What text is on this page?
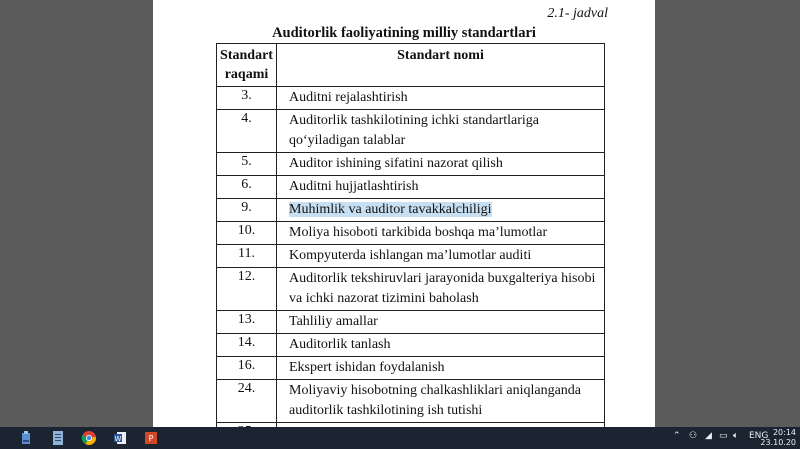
2.1- jadval
Auditorlik faoliyatining milliy standartlari
Standart
raqami	Standart nomi
3.	Auditni rejalashtirish
4.	Auditorlik tashkilotining ichki standartlariga qo‘yiladigan talablar
5.	Auditor ishining sifatini nazorat qilish
6.	Auditni hujjatlashtirish
9.	Muhimlik va auditor tavakkalchiligi
10.	Moliya hisoboti tarkibida boshqa ma’lumotlar
11.	Kompyuterda ishlangan ma’lumotlar auditi
12.	Auditorlik tekshiruvlari jarayonida buxgalteriya hisobi va ichki nazorat tizimini baholash
13.	Tahliliy amallar
14.	Auditorlik tanlash
16.	Ekspert ishidan foydalanish
24.	Moliyaviy hisobotning chalkashliklari aniqlanganda auditorlik tashkilotining ish tutishi

W	P	⌃ ⚇ ◢ ▭ 🔈︎ ENG 20:14
23.10.20
